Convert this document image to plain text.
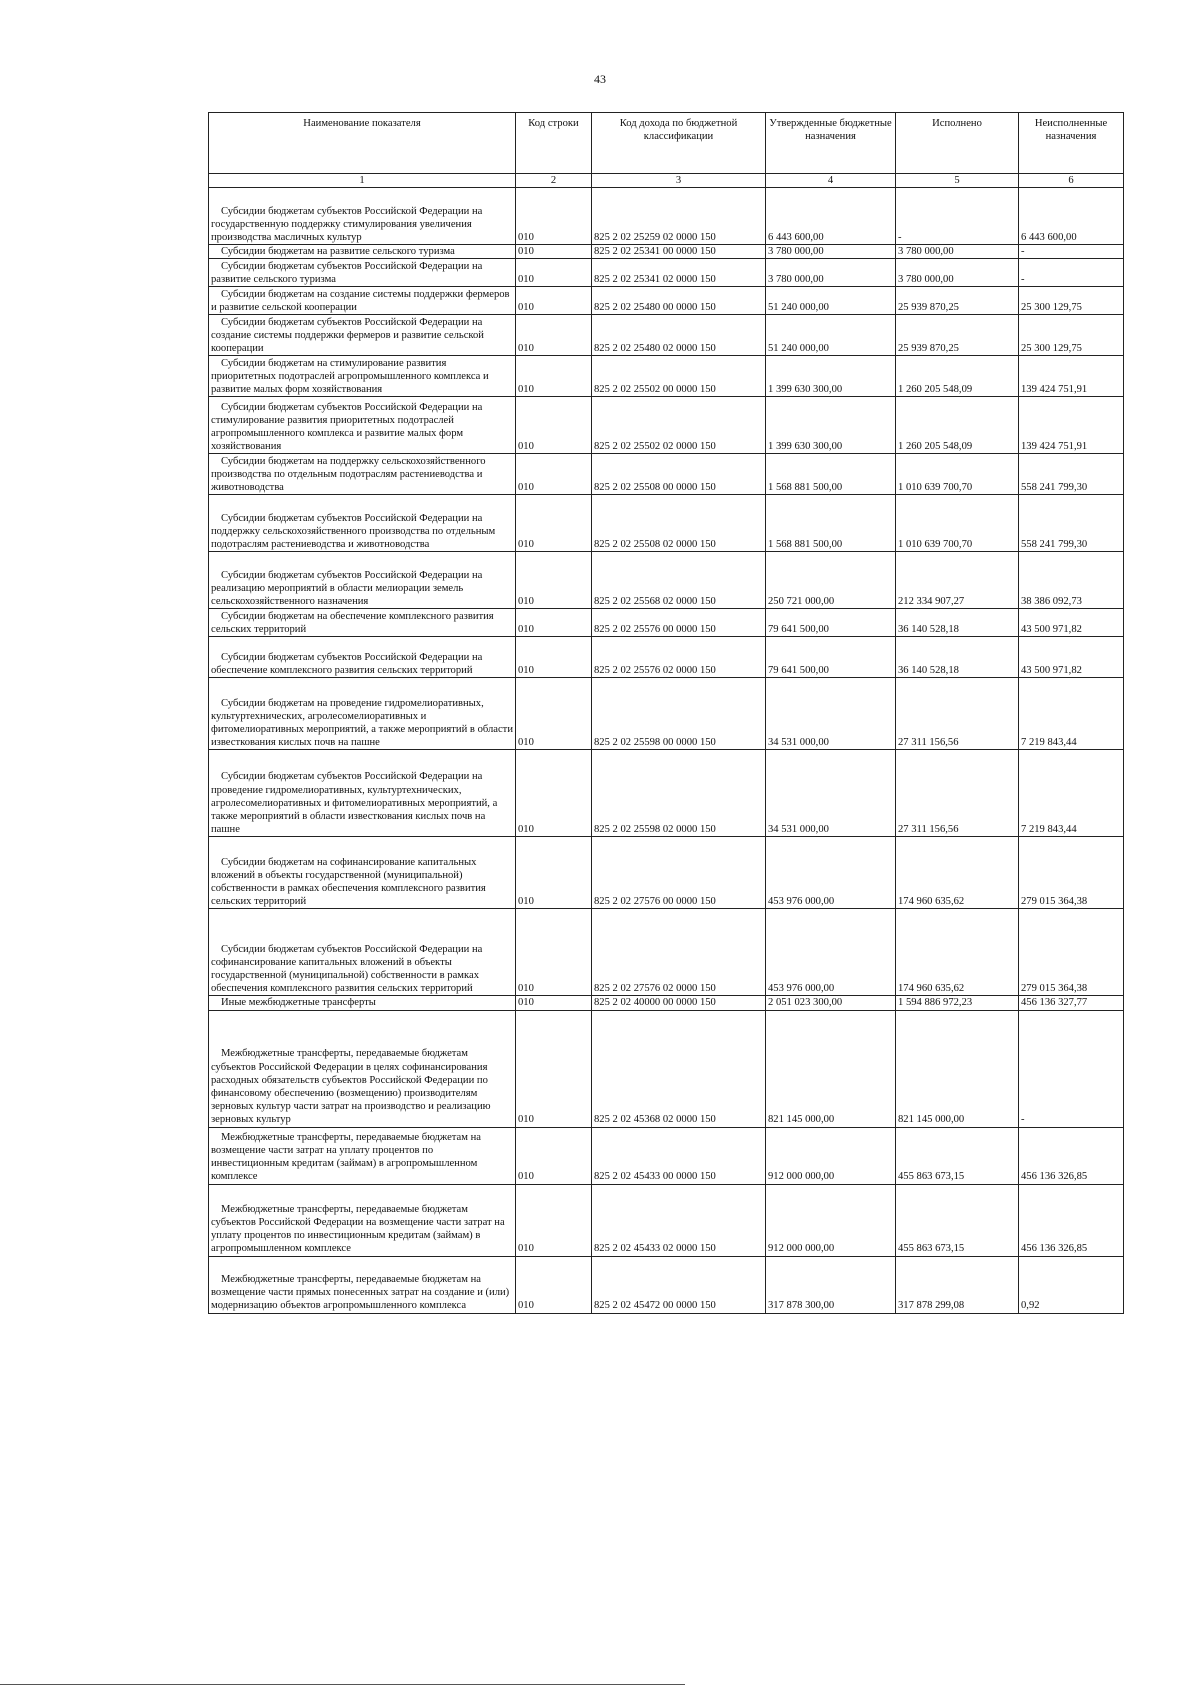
43
Наименование показателя	Код строки	Код дохода по бюджетной классификации	Утвержденные бюджетные назначения	Исполнено	Неисполненные назначения
1	2	3	4	5	6
Субсидии бюджетам субъектов Российской Федерации на государственную поддержку стимулирования увеличения производства масличных культур	010	825 2 02 25259 02 0000 150	6 443 600,00	-	6 443 600,00
Субсидии бюджетам на развитие сельского туризма	010	825 2 02 25341 00 0000 150	3 780 000,00	3 780 000,00	-
Субсидии бюджетам субъектов Российской Федерации на развитие сельского туризма	010	825 2 02 25341 02 0000 150	3 780 000,00	3 780 000,00	-
Субсидии бюджетам на создание системы поддержки фермеров и развитие сельской кооперации	010	825 2 02 25480 00 0000 150	51 240 000,00	25 939 870,25	25 300 129,75
Субсидии бюджетам субъектов Российской Федерации на создание системы поддержки фермеров и развитие сельской кооперации	010	825 2 02 25480 02 0000 150	51 240 000,00	25 939 870,25	25 300 129,75
Субсидии бюджетам на стимулирование развития приоритетных подотраслей агропромышленного комплекса и развитие малых форм хозяйствования	010	825 2 02 25502 00 0000 150	1 399 630 300,00	1 260 205 548,09	139 424 751,91
Субсидии бюджетам субъектов Российской Федерации на стимулирование развития приоритетных подотраслей агропромышленного комплекса и развитие малых форм хозяйствования	010	825 2 02 25502 02 0000 150	1 399 630 300,00	1 260 205 548,09	139 424 751,91
Субсидии бюджетам на поддержку сельскохозяйственного производства по отдельным подотраслям растениеводства и животноводства	010	825 2 02 25508 00 0000 150	1 568 881 500,00	1 010 639 700,70	558 241 799,30
Субсидии бюджетам субъектов Российской Федерации на поддержку сельскохозяйственного производства по отдельным подотраслям растениеводства и животноводства	010	825 2 02 25508 02 0000 150	1 568 881 500,00	1 010 639 700,70	558 241 799,30
Субсидии бюджетам субъектов Российской Федерации на реализацию мероприятий в области мелиорации земель сельскохозяйственного назначения	010	825 2 02 25568 02 0000 150	250 721 000,00	212 334 907,27	38 386 092,73
Субсидии бюджетам на обеспечение комплексного развития сельских территорий	010	825 2 02 25576 00 0000 150	79 641 500,00	36 140 528,18	43 500 971,82
Субсидии бюджетам субъектов Российской Федерации на обеспечение комплексного развития сельских территорий	010	825 2 02 25576 02 0000 150	79 641 500,00	36 140 528,18	43 500 971,82
Субсидии бюджетам на проведение гидромелиоративных, культуртехнических, агролесомелиоративных и фитомелиоративных мероприятий, а также мероприятий в области известкования кислых почв на пашне	010	825 2 02 25598 00 0000 150	34 531 000,00	27 311 156,56	7 219 843,44
Субсидии бюджетам субъектов Российской Федерации на проведение гидромелиоративных, культуртехнических, агролесомелиоративных и фитомелиоративных мероприятий, а также мероприятий в области известкования кислых почв на пашне	010	825 2 02 25598 02 0000 150	34 531 000,00	27 311 156,56	7 219 843,44
Субсидии бюджетам на софинансирование капитальных вложений в объекты государственной (муниципальной) собственности в рамках обеспечения комплексного развития сельских территорий	010	825 2 02 27576 00 0000 150	453 976 000,00	174 960 635,62	279 015 364,38
Субсидии бюджетам субъектов Российской Федерации на софинансирование капитальных вложений в объекты государственной (муниципальной) собственности в рамках обеспечения комплексного развития сельских территорий	010	825 2 02 27576 02 0000 150	453 976 000,00	174 960 635,62	279 015 364,38
Иные межбюджетные трансферты	010	825 2 02 40000 00 0000 150	2 051 023 300,00	1 594 886 972,23	456 136 327,77
Межбюджетные трансферты, передаваемые бюджетам субъектов Российской Федерации в целях софинансирования расходных обязательств субъектов Российской Федерации по финансовому обеспечению (возмещению) производителям зерновых культур части затрат на производство и реализацию зерновых культур	010	825 2 02 45368 02 0000 150	821 145 000,00	821 145 000,00	-
Межбюджетные трансферты, передаваемые бюджетам на возмещение части затрат на уплату процентов по инвестиционным кредитам (займам) в агропромышленном комплексе	010	825 2 02 45433 00 0000 150	912 000 000,00	455 863 673,15	456 136 326,85
Межбюджетные трансферты, передаваемые бюджетам субъектов Российской Федерации на возмещение части затрат на уплату процентов по инвестиционным кредитам (займам) в агропромышленном комплексе	010	825 2 02 45433 02 0000 150	912 000 000,00	455 863 673,15	456 136 326,85
Межбюджетные трансферты, передаваемые бюджетам на возмещение части прямых понесенных затрат на создание и (или) модернизацию объектов агропромышленного комплекса	010	825 2 02 45472 00 0000 150	317 878 300,00	317 878 299,08	0,92
